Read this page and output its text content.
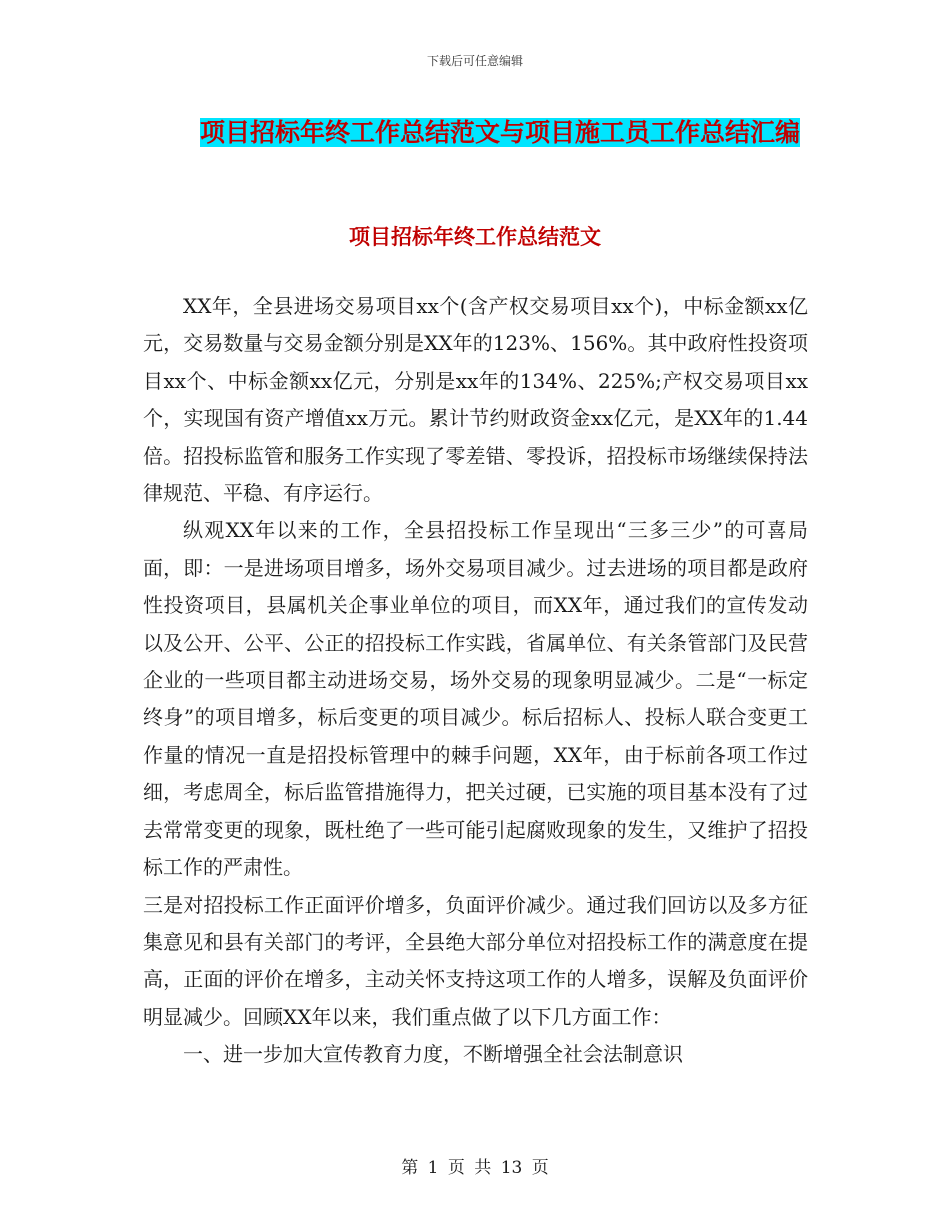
下载后可任意编辑
项目招标年终工作总结范文与项目施工员工作总结汇编
项目招标年终工作总结范文

XX年，全县进场交易项目xx个(含产权交易项目xx个)，中标金额xx亿元，交易数量与交易金额分别是XX年的123%、156%。其中政府性投资项目xx个、中标金额xx亿元，分别是xx年的134%、225%;产权交易项目xx个，实现国有资产增值xx万元。累计节约财政资金xx亿元，是XX年的1.44倍。招投标监管和服务工作实现了零差错、零投诉，招投标市场继续保持法律规范、平稳、有序运行。

纵观XX年以来的工作，全县招投标工作呈现出“三多三少”的可喜局面，即：一是进场项目增多，场外交易项目减少。过去进场的项目都是政府性投资项目，县属机关企事业单位的项目，而XX年，通过我们的宣传发动以及公开、公平、公正的招投标工作实践，省属单位、有关条管部门及民营企业的一些项目都主动进场交易，场外交易的现象明显减少。二是“一标定终身”的项目增多，标后变更的项目减少。标后招标人、投标人联合变更工作量的情况一直是招投标管理中的棘手问题，XX年，由于标前各项工作过细，考虑周全，标后监管措施得力，把关过硬，已实施的项目基本没有了过去常常变更的现象，既杜绝了一些可能引起腐败现象的发生，又维护了招投标工作的严肃性。

三是对招投标工作正面评价增多，负面评价减少。通过我们回访以及多方征集意见和县有关部门的考评，全县绝大部分单位对招投标工作的满意度在提高，正面的评价在增多，主动关怀支持这项工作的人增多，误解及负面评价明显减少。回顾XX年以来，我们重点做了以下几方面工作：

一、进一步加大宣传教育力度，不断增强全社会法制意识

第 1 页 共 13 页
